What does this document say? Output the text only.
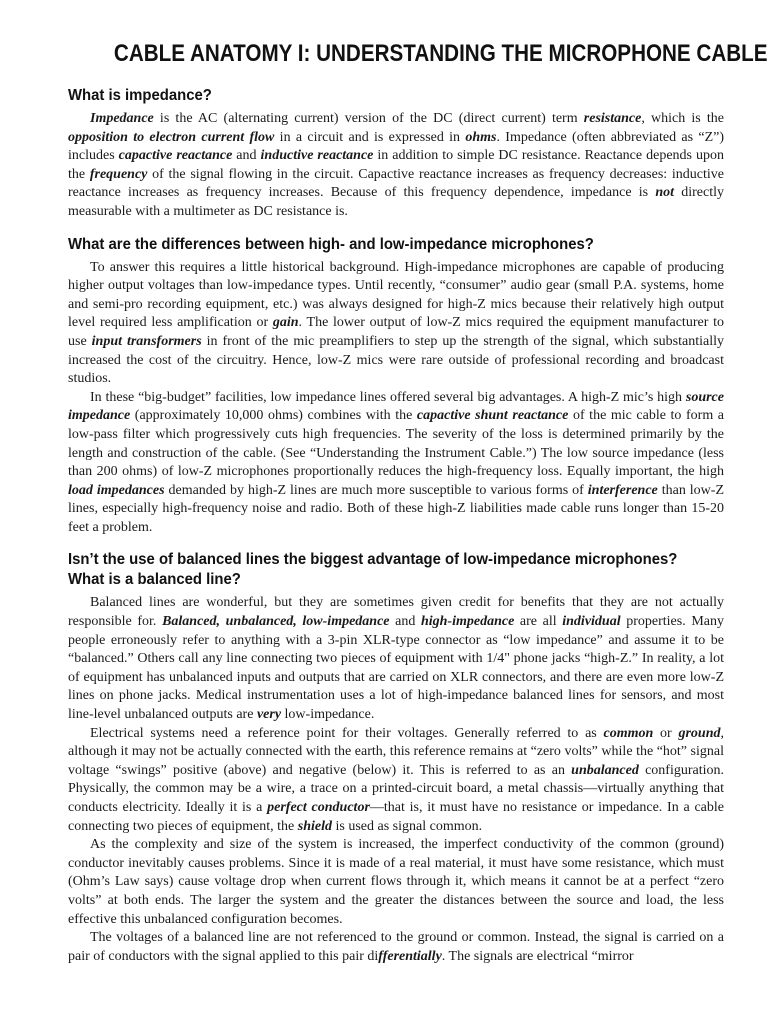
CABLE ANATOMY I: UNDERSTANDING THE MICROPHONE CABLE
What is impedance?

Impedance is the AC (alternating current) version of the DC (direct current) term resistance, which is the opposition to electron current flow in a circuit and is expressed in ohms. Impedance (often abbreviated as “Z”) includes capactive reactance and inductive reactance in addition to simple DC resistance. Reactance depends upon the frequency of the signal flowing in the circuit. Capactive reactance increases as frequency decreases: inductive reactance increases as frequency increases. Because of this frequency dependence, impedance is not directly measurable with a multimeter as DC resistance is.

What are the differences between high- and low-impedance microphones?

To answer this requires a little historical background. High-impedance microphones are capable of producing higher output voltages than low-impedance types. Until recently, “consumer” audio gear (small P.A. systems, home and semi-pro recording equipment, etc.) was always designed for high-Z mics because their relatively high output level required less amplification or gain. The lower output of low-Z mics required the equipment manufacturer to use input transformers in front of the mic preamplifiers to step up the strength of the signal, which substantially increased the cost of the circuitry. Hence, low-Z mics were rare outside of professional recording and broadcast studios.

In these “big-budget” facilities, low impedance lines offered several big advantages. A high-Z mic’s high source impedance (approximately 10,000 ohms) combines with the capactive shunt reactance of the mic cable to form a low-pass filter which progressively cuts high frequencies. The severity of the loss is determined primarily by the length and construction of the cable. (See “Understanding the Instrument Cable.”) The low source impedance (less than 200 ohms) of low-Z microphones proportionally reduces the high-frequency loss. Equally important, the high load impedances demanded by high-Z lines are much more susceptible to various forms of interference than low-Z lines, especially high-frequency noise and radio. Both of these high-Z liabilities made cable runs longer than 15-20 feet a problem.

Isn’t the use of balanced lines the biggest advantage of low-impedance microphones? What is a balanced line?

Balanced lines are wonderful, but they are sometimes given credit for benefits that they are not actually responsible for. Balanced, unbalanced, low-impedance and high-impedance are all individual properties. Many people erroneously refer to anything with a 3-pin XLR-type connector as “low impedance” and assume it to be “balanced.” Others call any line connecting two pieces of equipment with 1/4" phone jacks “high-Z.” In reality, a lot of equipment has unbalanced inputs and outputs that are carried on XLR connectors, and there are even more low-Z lines on phone jacks. Medical instrumentation uses a lot of high-impedance balanced lines for sensors, and most line-level unbalanced outputs are very low-impedance.

Electrical systems need a reference point for their voltages. Generally referred to as common or ground, although it may not be actually connected with the earth, this reference remains at “zero volts” while the “hot” signal voltage “swings” positive (above) and negative (below) it. This is referred to as an unbalanced configuration. Physically, the common may be a wire, a trace on a printed-circuit board, a metal chassis—virtually anything that conducts electricity. Ideally it is a perfect conductor—that is, it must have no resistance or impedance. In a cable connecting two pieces of equipment, the shield is used as signal common.

As the complexity and size of the system is increased, the imperfect conductivity of the common (ground) conductor inevitably causes problems. Since it is made of a real material, it must have some resistance, which must (Ohm’s Law says) cause voltage drop when current flows through it, which means it cannot be at a perfect “zero volts” at both ends. The larger the system and the greater the distances between the source and load, the less effective this unbalanced configuration becomes.

The voltages of a balanced line are not referenced to the ground or common. Instead, the signal is carried on a pair of conductors with the signal applied to this pair differentially. The signals are electrical “mirror
